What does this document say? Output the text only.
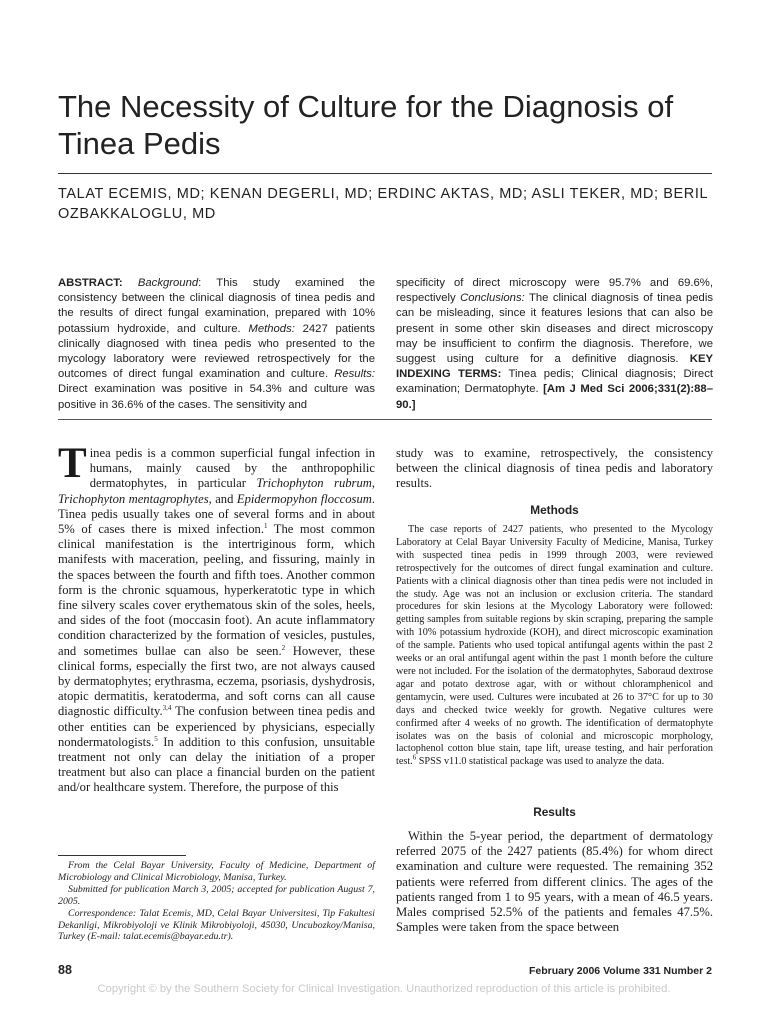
The Necessity of Culture for the Diagnosis of Tinea Pedis
TALAT ECEMIS, MD; KENAN DEGERLI, MD; ERDINC AKTAS, MD; ASLI TEKER, MD; BERIL OZBAKKALOGLU, MD
ABSTRACT: Background: This study examined the consistency between the clinical diagnosis of tinea pedis and the results of direct fungal examination, prepared with 10% potassium hydroxide, and culture. Methods: 2427 patients clinically diagnosed with tinea pedis who presented to the mycology laboratory were reviewed retrospectively for the outcomes of direct fungal examination and culture. Results: Direct examination was positive in 54.3% and culture was positive in 36.6% of the cases. The sensitivity and
specificity of direct microscopy were 95.7% and 69.6%, respectively Conclusions: The clinical diagnosis of tinea pedis can be misleading, since it features lesions that can also be present in some other skin diseases and direct microscopy may be insufficient to confirm the diagnosis. Therefore, we suggest using culture for a definitive diagnosis. KEY INDEXING TERMS: Tinea pedis; Clinical diagnosis; Direct examination; Dermatophyte. [Am J Med Sci 2006;331(2):88–90.]
Tinea pedis is a common superficial fungal infection in humans, mainly caused by the anthropophilic dermatophytes, in particular Trichophyton rubrum, Trichophyton mentagrophytes, and Epidermopyhon floccosum. Tinea pedis usually takes one of several forms and in about 5% of cases there is mixed infection.$^1$ The most common clinical manifestation is the intertriginous form, which manifests with maceration, peeling, and fissuring, mainly in the spaces between the fourth and fifth toes. Another common form is the chronic squamous, hyperkeratotic type in which fine silvery scales cover erythematous skin of the soles, heels, and sides of the foot (moccasin foot). An acute inflammatory condition characterized by the formation of vesicles, pustules, and sometimes bullae can also be seen.$^2$ However, these clinical forms, especially the first two, are not always caused by dermatophytes; erythrasma, eczema, psoriasis, dyshydrosis, atopic dermatitis, keratoderma, and soft corns can all cause diagnostic difficulty.$^{3,4}$ The confusion between tinea pedis and other entities can be experienced by physicians, especially nondermatologists.$^5$ In addition to this confusion, unsuitable treatment not only can delay the initiation of a proper treatment but also can place a financial burden on the patient and/or healthcare system. Therefore, the purpose of this
study was to examine, retrospectively, the consistency between the clinical diagnosis of tinea pedis and laboratory results.
Methods
The case reports of 2427 patients, who presented to the Mycology Laboratory at Celal Bayar University Faculty of Medicine, Manisa, Turkey with suspected tinea pedis in 1999 through 2003, were reviewed retrospectively for the outcomes of direct fungal examination and culture. Patients with a clinical diagnosis other than tinea pedis were not included in the study. Age was not an inclusion or exclusion criteria. The standard procedures for skin lesions at the Mycology Laboratory were followed: getting samples from suitable regions by skin scraping, preparing the sample with 10% potassium hydroxide (KOH), and direct microscopic examination of the sample. Patients who used topical antifungal agents within the past 2 weeks or an oral antifungal agent within the past 1 month before the culture were not included. For the isolation of the dermatophytes, Saboraud dextrose agar and potato dextrose agar, with or without chloramphenicol and gentamycin, were used. Cultures were incubated at 26 to 37°C for up to 30 days and checked twice weekly for growth. Negative cultures were confirmed after 4 weeks of no growth. The identification of dermatophyte isolates was on the basis of colonial and microscopic morphology, lactophenol cotton blue stain, tape lift, urease testing, and hair perforation test.$^6$ SPSS v11.0 statistical package was used to analyze the data.
Results
Within the 5-year period, the department of dermatology referred 2075 of the 2427 patients (85.4%) for whom direct examination and culture were requested. The remaining 352 patients were referred from different clinics. The ages of the patients ranged from 1 to 95 years, with a mean of 46.5 years. Males comprised 52.5% of the patients and females 47.5%. Samples were taken from the space between

From the Celal Bayar University, Faculty of Medicine, Department of Microbiology and Clinical Microbiology, Manisa, Turkey.

Submitted for publication March 3, 2005; accepted for publication August 7, 2005.

Correspondence: Talat Ecemis, MD, Celal Bayar Universitesi, Tip Fakultesi Dekanligi, Mikrobiyoloji ve Klinik Mikrobiyoloji, 45030, Uncubozkoy/Manisa, Turkey (E-mail: talat.ecemis@bayar.edu.tr).

88	February 2006 Volume 331 Number 2
Copyright © by the Southern Society for Clinical Investigation. Unauthorized reproduction of this article is prohibited.
